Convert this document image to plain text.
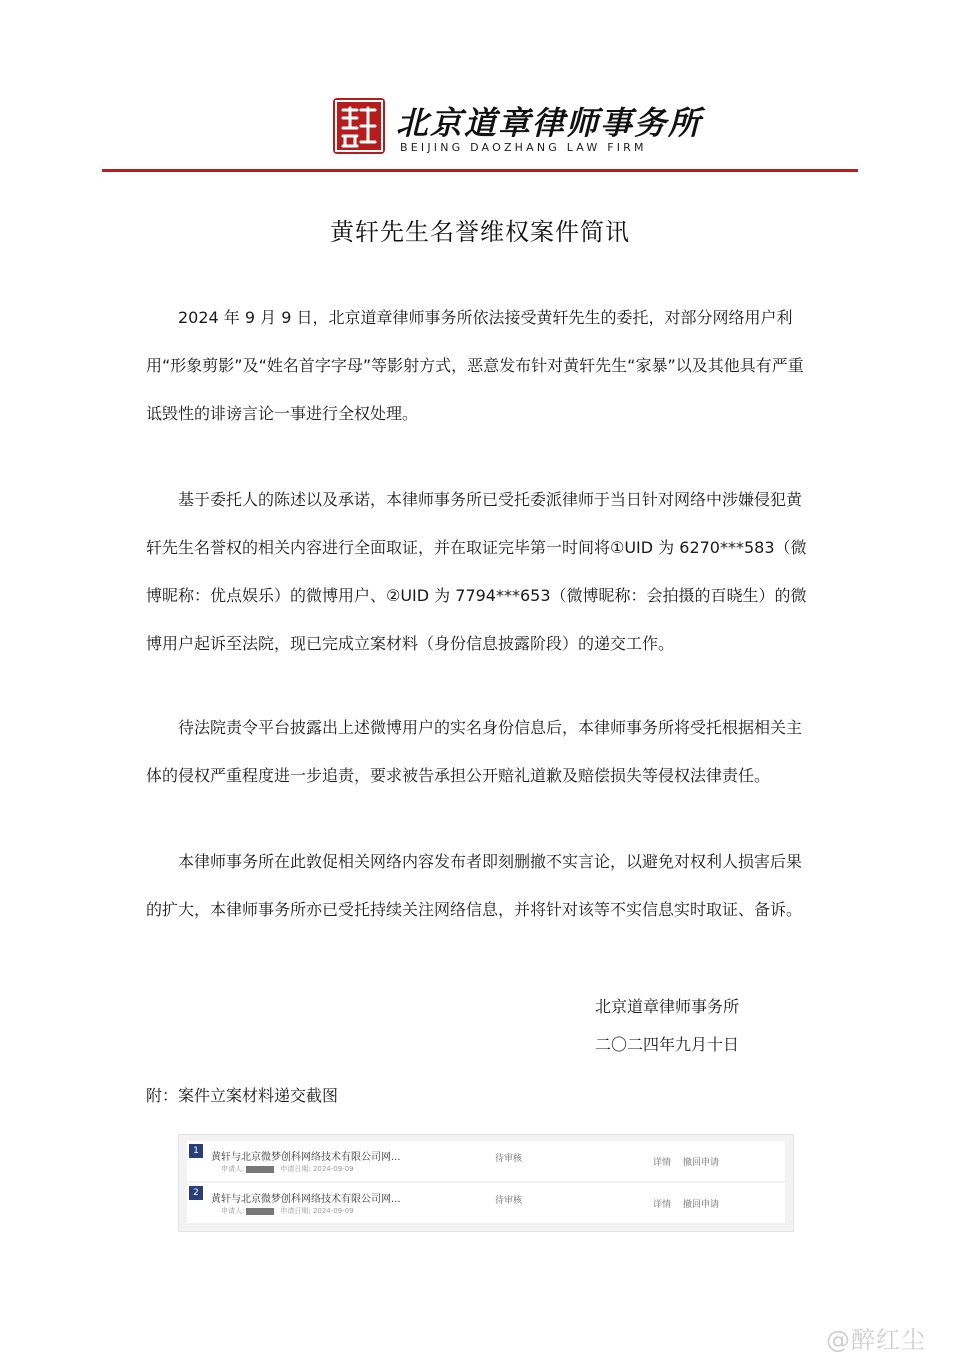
北京道章律师事务所
BEIJING DAOZHANG LAW FIRM
黄轩先生名誉维权案件简讯
2024 年 9 月 9 日，北京道章律师事务所依法接受黄轩先生的委托，对部分网络用户利用“形象剪影”及“姓名首字字母”等影射方式，恶意发布针对黄轩先生“家暴”以及其他具有严重诋毁性的诽谤言论一事进行全权处理。
基于委托人的陈述以及承诺，本律师事务所已受托委派律师于当日针对网络中涉嫌侵犯黄轩先生名誉权的相关内容进行全面取证，并在取证完毕第一时间将①UID 为 6270***583（微博昵称：优点娱乐）的微博用户、②UID 为 7794***653（微博昵称：会拍摄的百晓生）的微博用户起诉至法院，现已完成立案材料（身份信息披露阶段）的递交工作。
待法院责令平台披露出上述微博用户的实名身份信息后，本律师事务所将受托根据相关主体的侵权严重程度进一步追责，要求被告承担公开赔礼道歉及赔偿损失等侵权法律责任。
本律师事务所在此敦促相关网络内容发布者即刻删撤不实言论，以避免对权利人损害后果的扩大，本律师事务所亦已受托持续关注网络信息，并将针对该等不实信息实时取证、备诉。
北京道章律师事务所
二〇二四年九月十日
附：案件立案材料递交截图
1
黄轩与北京微梦创科网络技术有限公司网...
申请人:	申请日期: 2024-09-09
待审核	详情 撤回申请
2
黄轩与北京微梦创科网络技术有限公司网...
申请人:	申请日期: 2024-09-09
待审核	详情 撤回申请
@醉红尘
